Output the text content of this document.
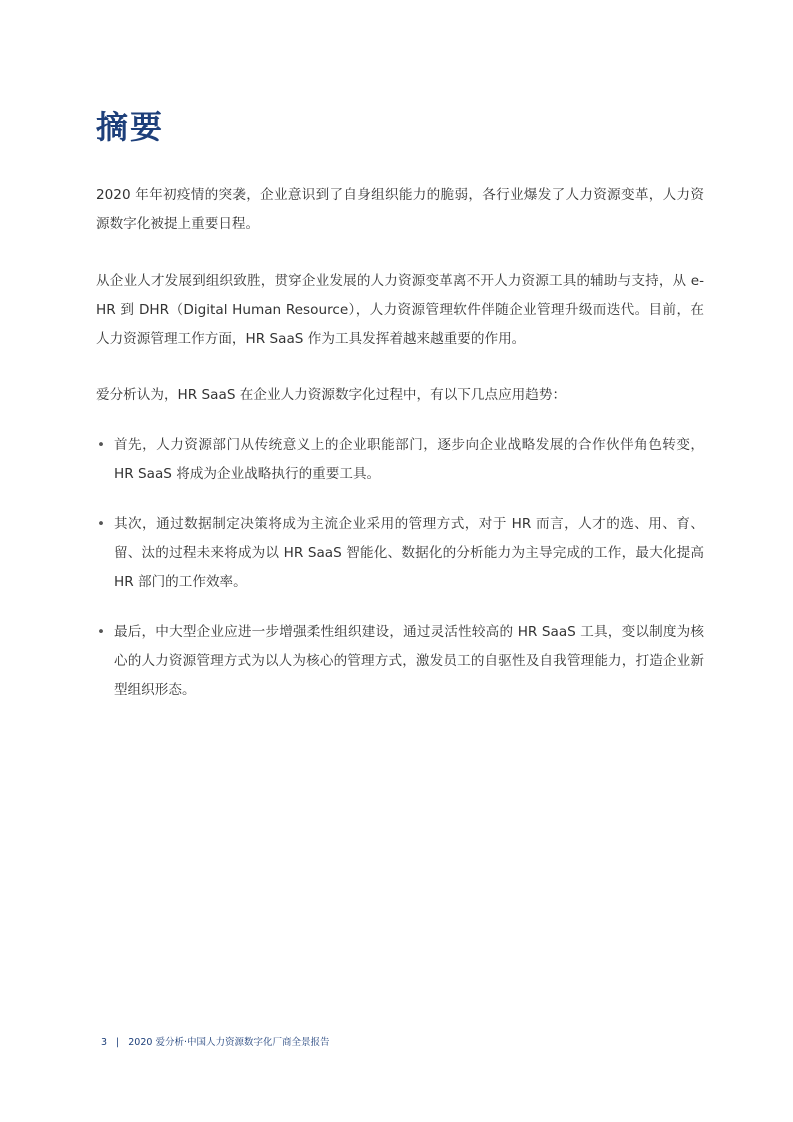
摘要

2020 年年初疫情的突袭，企业意识到了自身组织能力的脆弱，各行业爆发了人力资源变革，人力资源数字化被提上重要日程。

从企业人才发展到组织致胜，贯穿企业发展的人力资源变革离不开人力资源工具的辅助与支持，从 e-HR 到 DHR（Digital Human Resource），人力资源管理软件伴随企业管理升级而迭代。目前，在人力资源管理工作方面，HR SaaS 作为工具发挥着越来越重要的作用。

爱分析认为，HR SaaS 在企业人力资源数字化过程中，有以下几点应用趋势：

• 首先，人力资源部门从传统意义上的企业职能部门，逐步向企业战略发展的合作伙伴角色转变，HR SaaS 将成为企业战略执行的重要工具。
• 其次，通过数据制定决策将成为主流企业采用的管理方式，对于 HR 而言，人才的选、用、育、留、汰的过程未来将成为以 HR SaaS 智能化、数据化的分析能力为主导完成的工作，最大化提高 HR 部门的工作效率。
• 最后，中大型企业应进一步增强柔性组织建设，通过灵活性较高的 HR SaaS 工具，变以制度为核心的人力资源管理方式为以人为核心的管理方式，激发员工的自驱性及自我管理能力，打造企业新型组织形态。
3 | 2020 爱分析·中国人力资源数字化厂商全景报告
